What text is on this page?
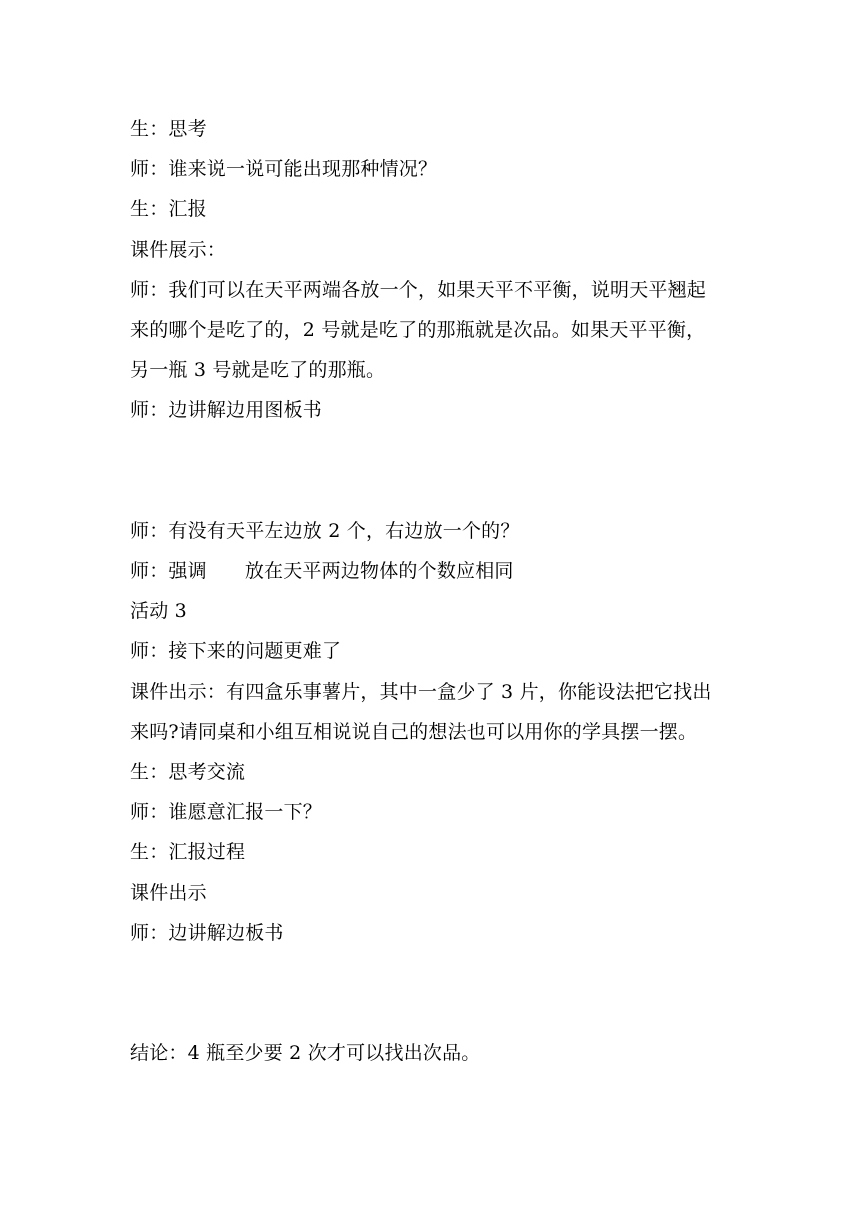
生：思考
师：谁来说一说可能出现那种情况？
生：汇报
课件展示：
师：我们可以在天平两端各放一个，如果天平不平衡，说明天平翘起
来的哪个是吃了的，2 号就是吃了的那瓶就是次品。如果天平平衡，
另一瓶 3 号就是吃了的那瓶。
师：边讲解边用图板书
师：有没有天平左边放 2 个，右边放一个的？
师：强调 放在天平两边物体的个数应相同
活动 3
师：接下来的问题更难了
课件出示：有四盒乐事薯片，其中一盒少了 3 片，你能设法把它找出
来吗?请同桌和小组互相说说自己的想法也可以用你的学具摆一摆。
生：思考交流
师：谁愿意汇报一下？
生：汇报过程
课件出示
师：边讲解边板书
结论：4 瓶至少要 2 次才可以找出次品。
